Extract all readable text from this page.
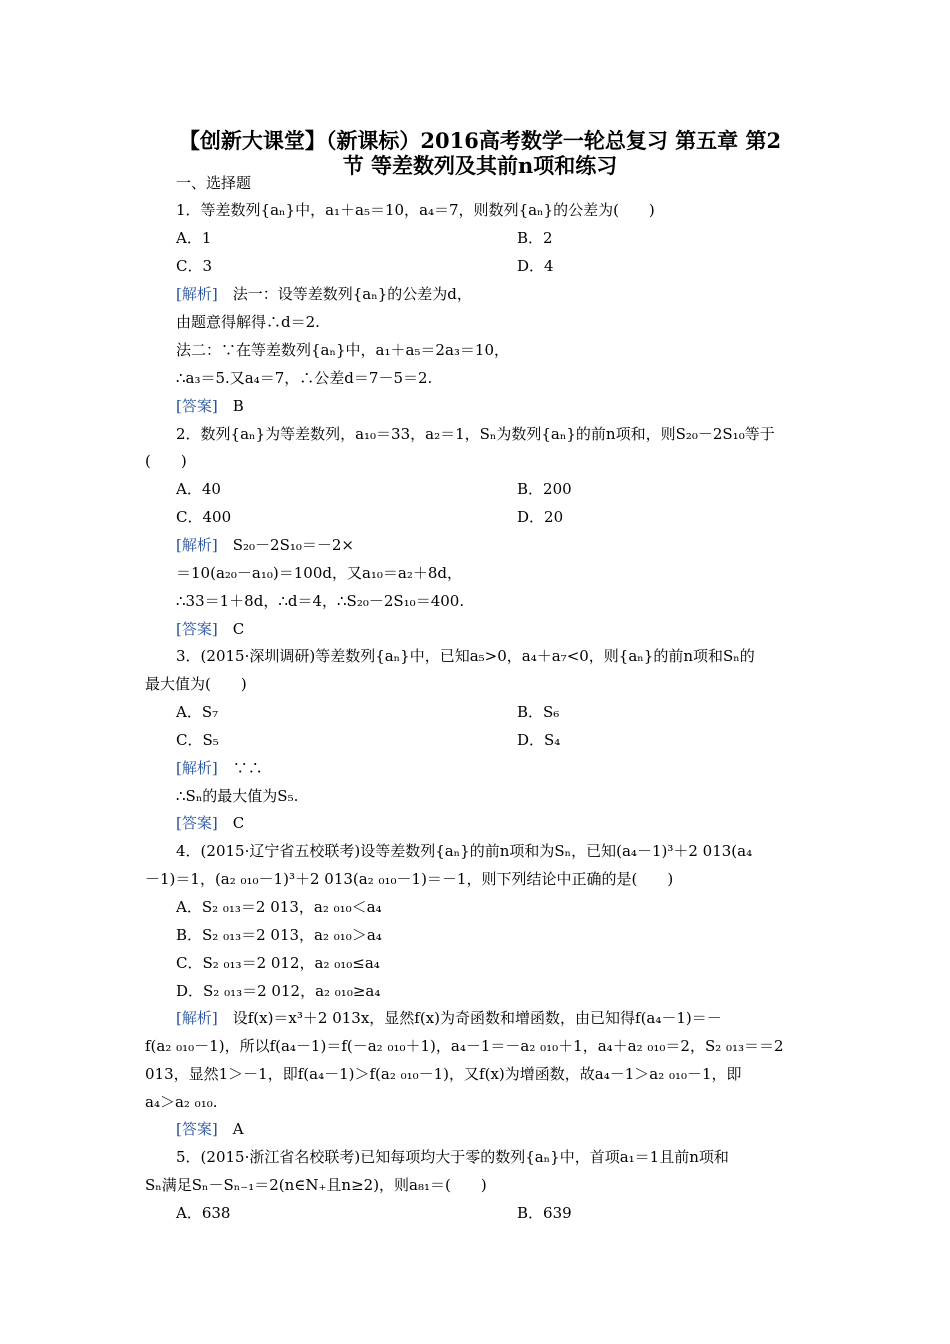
【创新大课堂】（新课标）2016高考数学一轮总复习 第五章 第2
节 等差数列及其前n项和练习
一、选择题
1．等差数列{aₙ}中，a₁＋a₅＝10，a₄＝7，则数列{aₙ}的公差为(　　)
A．1	B．2
C．3	D．4
[解析]　法一：设等差数列{aₙ}的公差为d，
由题意得解得∴d＝2.
法二：∵在等差数列{aₙ}中，a₁＋a₅＝2a₃＝10，
∴a₃＝5.又a₄＝7，∴公差d＝7－5＝2.
[答案]　B
2．数列{aₙ}为等差数列，a₁₀＝33，a₂＝1，Sₙ为数列{aₙ}的前n项和，则S₂₀－2S₁₀等于
(　　)
A．40	B．200
C．400	D．20
[解析]　S₂₀－2S₁₀＝－2×
＝10(a₂₀－a₁₀)＝100d，又a₁₀＝a₂＋8d，
∴33＝1＋8d，∴d＝4，∴S₂₀－2S₁₀＝400.
[答案]　C
3．(2015·深圳调研)等差数列{aₙ}中，已知a₅>0，a₄＋a₇<0，则{aₙ}的前n项和Sₙ的
最大值为(　　)
A．S₇	B．S₆
C．S₅	D．S₄
[解析]　∵∴
∴Sₙ的最大值为S₅.
[答案]　C
4．(2015·辽宁省五校联考)设等差数列{aₙ}的前n项和为Sₙ，已知(a₄－1)³＋2 013(a₄
－1)＝1，(a₂ ₀₁₀－1)³＋2 013(a₂ ₀₁₀－1)＝－1，则下列结论中正确的是(　　)
A．S₂ ₀₁₃＝2 013，a₂ ₀₁₀＜a₄
B．S₂ ₀₁₃＝2 013，a₂ ₀₁₀＞a₄
C．S₂ ₀₁₃＝2 012，a₂ ₀₁₀≤a₄
D．S₂ ₀₁₃＝2 012，a₂ ₀₁₀≥a₄
[解析]　设f(x)＝x³＋2 013x，显然f(x)为奇函数和增函数，由已知得f(a₄－1)＝－
f(a₂ ₀₁₀－1)，所以f(a₄－1)＝f(－a₂ ₀₁₀＋1)，a₄－1＝－a₂ ₀₁₀＋1，a₄＋a₂ ₀₁₀＝2，S₂ ₀₁₃＝＝2
013，显然1＞－1，即f(a₄－1)＞f(a₂ ₀₁₀－1)，又f(x)为增函数，故a₄－1＞a₂ ₀₁₀－1，即
a₄＞a₂ ₀₁₀.
[答案]　A
5．(2015·浙江省名校联考)已知每项均大于零的数列{aₙ}中，首项a₁＝1且前n项和
Sₙ满足Sₙ－Sₙ₋₁＝2(n∈N₊且n≥2)，则a₈₁＝(　　)
A．638	B．639
